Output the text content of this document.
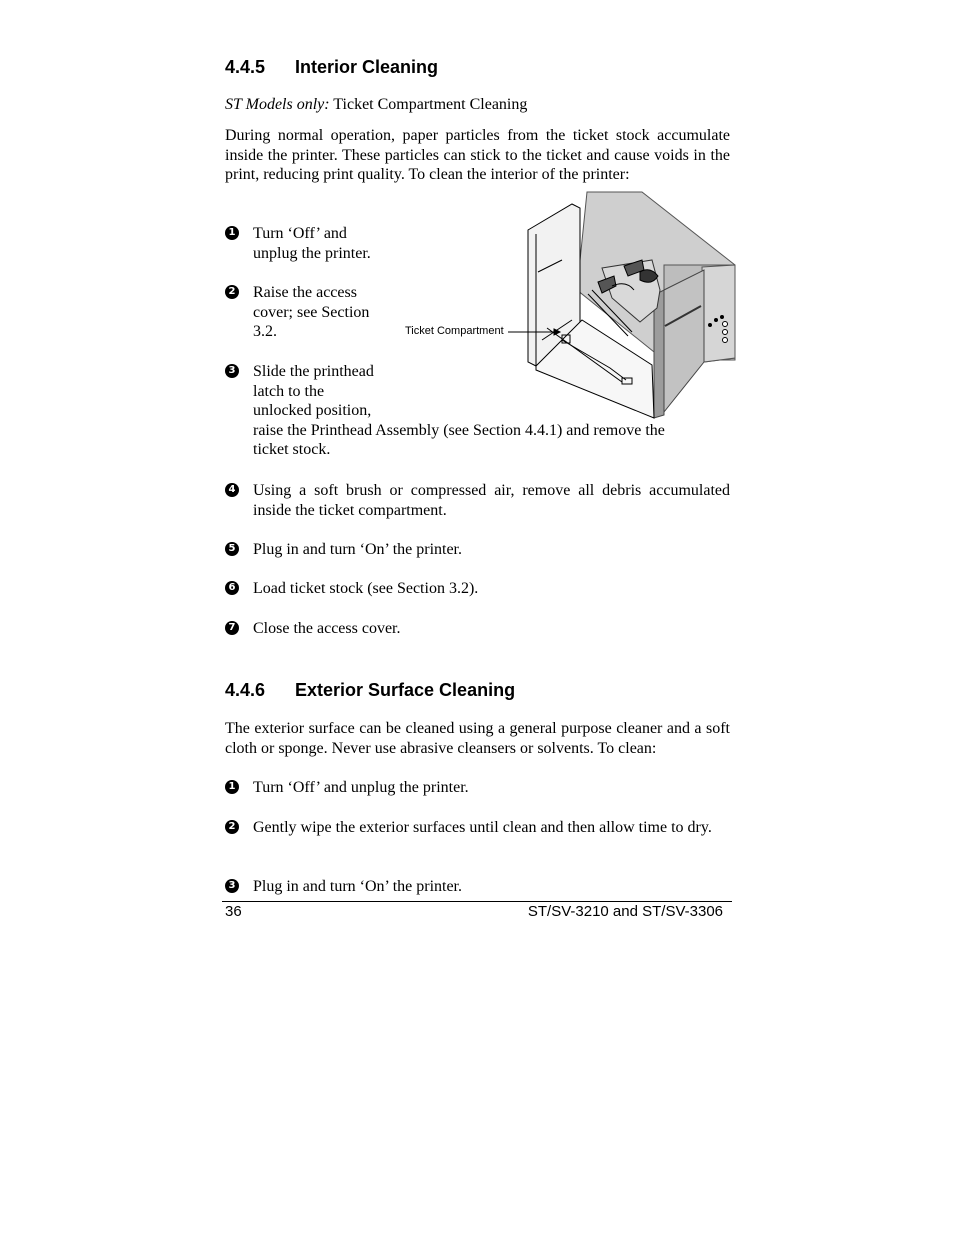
4.4.5 Interior Cleaning
ST Models only: Ticket Compartment Cleaning

During normal operation, paper particles from the ticket stock accumulate inside the printer. These particles can stick to the ticket and cause voids in the print, reducing print quality. To clean the interior of the printer:

1 Turn ‘Off’ and
unplug the printer.
2 Raise the access
cover; see Section
3.2.
3 Slide the printhead
latch to the
unlocked position,
raise the Printhead Assembly (see Section 4.4.1) and remove the ticket stock.
4 Using a soft brush or compressed air, remove all debris accumulated inside the ticket compartment.
5 Plug in and turn ‘On’ the printer.
6 Load ticket stock (see Section 3.2).
7 Close the access cover.
Ticket Compartment
4.4.6 Exterior Surface Cleaning

The exterior surface can be cleaned using a general purpose cleaner and a soft cloth or sponge. Never use abrasive cleansers or solvents. To clean:

1 Turn ‘Off’ and unplug the printer.
2 Gently wipe the exterior surfaces until clean and then allow time to dry.
3 Plug in and turn ‘On’ the printer.
36	ST/SV-3210 and ST/SV-3306
